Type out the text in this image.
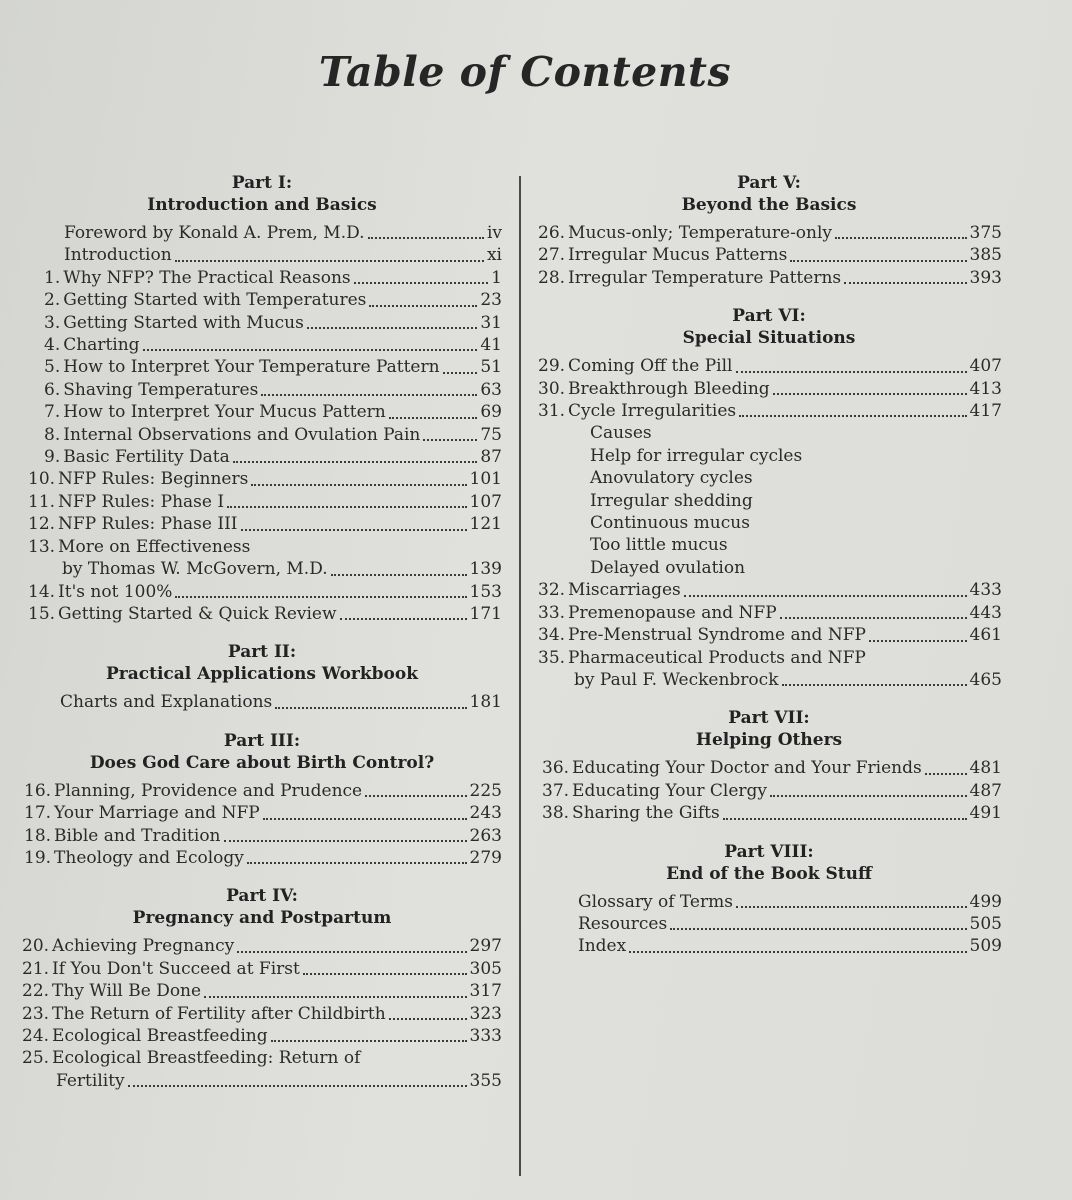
Table of Contents
Part I:
Introduction and Basics
Foreword by Konald A. Prem, M.D.	iv
Introduction	xi
1. Why NFP? The Practical Reasons	1
2. Getting Started with Temperatures	23
3. Getting Started with Mucus	31
4. Charting	41
5. How to Interpret Your Temperature Pattern 51
6. Shaving Temperatures	63
7. How to Interpret Your Mucus Pattern	69
8. Internal Observations and Ovulation Pain	75
9. Basic Fertility Data	87
10. NFP Rules: Beginners	101
11. NFP Rules: Phase I	107
12. NFP Rules: Phase III	121
13. More on Effectiveness
by Thomas W. McGovern, M.D.	139
14. It's not 100%	153
15. Getting Started & Quick Review	171
Part II:
Practical Applications Workbook
Charts and Explanations	181
Part III:
Does God Care about Birth Control?
16. Planning, Providence and Prudence	225
17. Your Marriage and NFP	243
18. Bible and Tradition	263
19. Theology and Ecology	279
Part IV:
Pregnancy and Postpartum
20. Achieving Pregnancy	297
21. If You Don't Succeed at First	305
22. Thy Will Be Done	317
23. The Return of Fertility after Childbirth	323
24. Ecological Breastfeeding	333
25. Ecological Breastfeeding: Return of
Fertility	355
Part V:
Beyond the Basics
26. Mucus-only; Temperature-only	375
27. Irregular Mucus Patterns	385
28. Irregular Temperature Patterns	393
Part VI:
Special Situations
29. Coming Off the Pill	407
30. Breakthrough Bleeding	413
31. Cycle Irregularities	417
Causes
Help for irregular cycles
Anovulatory cycles
Irregular shedding
Continuous mucus
Too little mucus
Delayed ovulation
32. Miscarriages	433
33. Premenopause and NFP	443
34. Pre-Menstrual Syndrome and NFP	461
35. Pharmaceutical Products and NFP
by Paul F. Weckenbrock	465
Part VII:
Helping Others
36. Educating Your Doctor and Your Friends	481
37. Educating Your Clergy	487
38. Sharing the Gifts	491
Part VIII:
End of the Book Stuff
Glossary of Terms	499
Resources	505
Index	509
